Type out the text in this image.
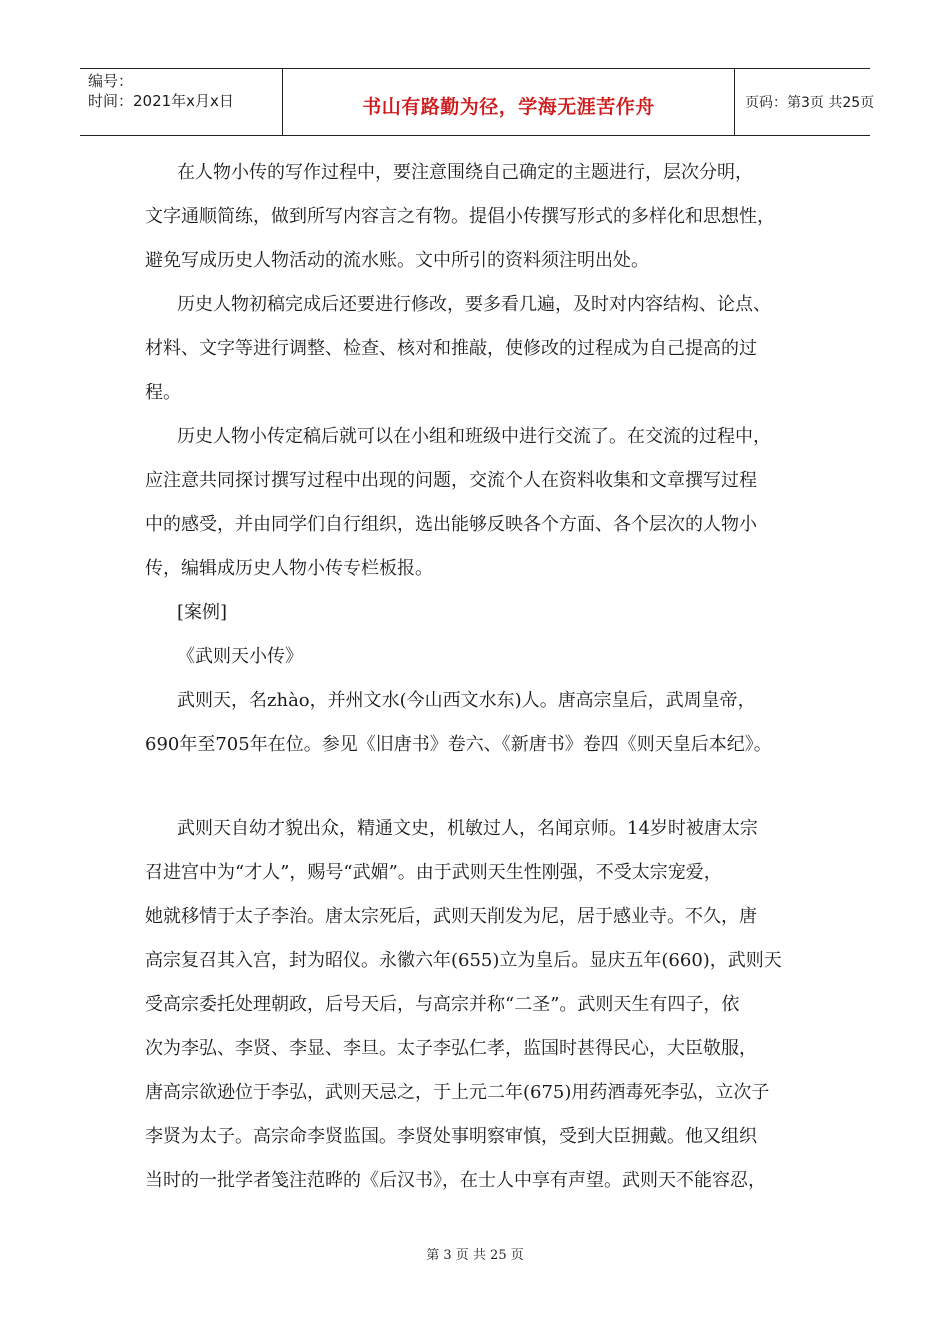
编号：
时间：2021年x月x日	书山有路勤为径，学海无涯苦作舟	页码：第3页 共25页
在人物小传的写作过程中，要注意围绕自己确定的主题进行，层次分明，
文字通顺简练，做到所写内容言之有物。提倡小传撰写形式的多样化和思想性，
避免写成历史人物活动的流水账。文中所引的资料须注明出处。
历史人物初稿完成后还要进行修改，要多看几遍，及时对内容结构、论点、
材料、文字等进行调整、检查、核对和推敲，使修改的过程成为自己提高的过
程。
历史人物小传定稿后就可以在小组和班级中进行交流了。在交流的过程中，
应注意共同探讨撰写过程中出现的问题，交流个人在资料收集和文章撰写过程
中的感受，并由同学们自行组织，选出能够反映各个方面、各个层次的人物小
传，编辑成历史人物小传专栏板报。
[案例]
《武则天小传》
武则天，名zhào，并州文水(今山西文水东)人。唐高宗皇后，武周皇帝，
690年至705年在位。参见《旧唐书》卷六、《新唐书》卷四《则天皇后本纪》。
武则天自幼才貌出众，精通文史，机敏过人，名闻京师。14岁时被唐太宗
召进宫中为“才人”，赐号“武媚”。由于武则天生性刚强，不受太宗宠爱，
她就移情于太子李治。唐太宗死后，武则天削发为尼，居于感业寺。不久，唐
高宗复召其入宫，封为昭仪。永徽六年(655)立为皇后。显庆五年(660)，武则天
受高宗委托处理朝政，后号天后，与高宗并称“二圣”。武则天生有四子，依
次为李弘、李贤、李显、李旦。太子李弘仁孝，监国时甚得民心，大臣敬服，
唐高宗欲逊位于李弘，武则天忌之，于上元二年(675)用药酒毒死李弘，立次子
李贤为太子。高宗命李贤监国。李贤处事明察审慎，受到大臣拥戴。他又组织
当时的一批学者笺注范晔的《后汉书》，在士人中享有声望。武则天不能容忍，
第 3 页 共 25 页
